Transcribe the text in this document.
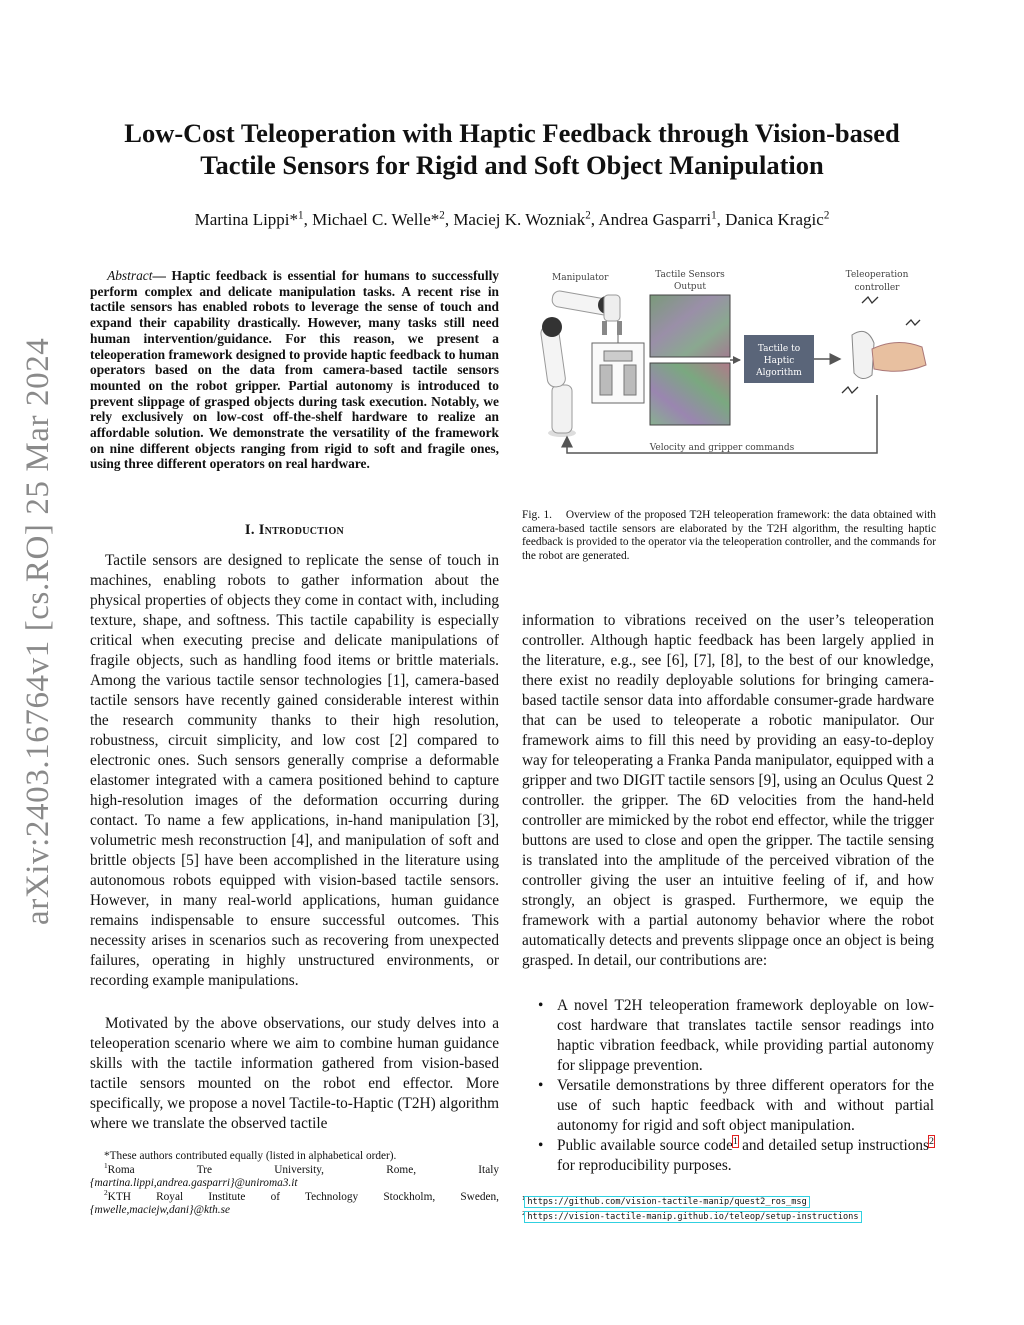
arXiv:2403.16764v1 [cs.RO] 25 Mar 2024
Low-Cost Teleoperation with Haptic Feedback through Vision-based
Tactile Sensors for Rigid and Soft Object Manipulation
Martina Lippi*$^1$, Michael C. Welle*$^2$, Maciej K. Wozniak$^2$, Andrea Gasparri$^1$, Danica Kragic$^2$

Abstract— Haptic feedback is essential for humans to successfully perform complex and delicate manipulation tasks. A recent rise in tactile sensors has enabled robots to leverage the sense of touch and expand their capability drastically. However, many tasks still need human intervention/guidance. For this reason, we present a teleoperation framework designed to provide haptic feedback to human operators based on the data from camera-based tactile sensors mounted on the robot gripper. Partial autonomy is introduced to prevent slippage of grasped objects during task execution. Notably, we rely exclusively on low-cost off-the-shelf hardware to realize an affordable solution. We demonstrate the versatility of the framework on nine different objects ranging from rigid to soft and fragile ones, using three different operators on real hardware.

I. Introduction

Tactile sensors are designed to replicate the sense of touch in machines, enabling robots to gather information about the physical properties of objects they come in contact with, including texture, shape, and softness. This tactile capability is especially critical when executing precise and delicate manipulations of fragile objects, such as handling food items or brittle materials. Among the various tactile sensor technologies [1], camera-based tactile sensors have recently gained considerable interest within the research community thanks to their high resolution, robustness, circuit simplicity, and low cost [2] compared to electronic ones. Such sensors generally comprise a deformable elastomer integrated with a camera positioned behind to capture high-resolution images of the deformation occurring during contact. To name a few applications, in-hand manipulation [3], volumetric mesh reconstruction [4], and manipulation of soft and brittle objects [5] have been accomplished in the literature using autonomous robots equipped with vision-based tactile sensors. However, in many real-world applications, human guidance remains indispensable to ensure successful outcomes. This necessity arises in scenarios such as recovering from unexpected failures, operating in highly unstructured environments, or recording example manipulations.

Motivated by the above observations, our study delves into a teleoperation scenario where we aim to combine human guidance skills with the tactile information gathered from vision-based tactile sensors mounted on the robot end effector. More specifically, we propose a novel Tactile-to-Haptic (T2H) algorithm where we translate the observed tactile

*These authors contributed equally (listed in alphabetical order).
$^1$Roma Tre University, Rome, Italy
{martina.lippi,andrea.gasparri}@uniroma3.it
$^2$KTH Royal Institute of Technology Stockholm, Sweden,
{mwelle,maciejw,dani}@kth.se
Manipulator	Tactile Sensors
Output
Teleoperation
controller
Tactile to
Haptic
Algorithm
Velocity and gripper commands

Fig. 1. Overview of the proposed T2H teleoperation framework: the data obtained with camera-based tactile sensors are elaborated by the T2H algorithm, the resulting haptic feedback is provided to the operator via the teleoperation controller, and the commands for the robot are generated.

information to vibrations received on the user’s teleoperation controller. Although haptic feedback has been largely applied in the literature, e.g., see [6], [7], [8], to the best of our knowledge, there exist no readily deployable solutions for bringing camera-based tactile sensor data into affordable consumer-grade hardware that can be used to teleoperate a robotic manipulator. Our framework aims to fill this need by providing an easy-to-deploy way for teleoperating a Franka Panda manipulator, equipped with a gripper and two DIGIT tactile sensors [9], using an Oculus Quest 2 controller. the gripper. The 6D velocities from the hand-held controller are mimicked by the robot end effector, while the trigger buttons are used to close and open the gripper. The tactile sensing is translated into the amplitude of the perceived vibration of the controller giving the user an intuitive feeling of if, and how strongly, an object is grasped. Furthermore, we equip the framework with a partial autonomy behavior where the robot automatically detects and prevents slippage once an object is being grasped. In detail, our contributions are:

• A novel T2H teleoperation framework deployable on low-cost hardware that translates tactile sensor readings into haptic vibration feedback, while providing partial autonomy for slippage prevention.
• Versatile demonstrations by three different operators for the use of such haptic feedback with and without partial autonomy for rigid and soft object manipulation.
• Public available source code$^1$ and detailed setup instructions$^2$ for reproducibility purposes.
$^1$ https://github.com/vision-tactile-manip/quest2_ros_msg
$^2$ https://vision-tactile-manip.github.io/teleop/setup-instructions
